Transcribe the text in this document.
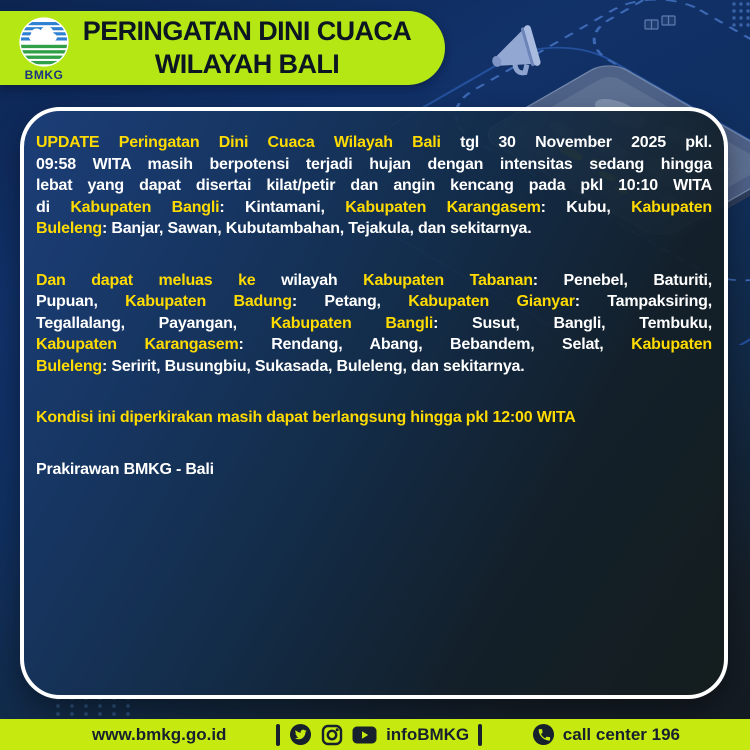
UPDATE Peringatan Dini Cuaca Wilayah Bali tgl 30 November 2025 pkl.
09:58 WITA masih berpotensi terjadi hujan dengan intensitas sedang hingga
lebat yang dapat disertai kilat/petir dan angin kencang pada pkl 10:10 WITA
di Kabupaten Bangli: Kintamani, Kabupaten Karangasem: Kubu, Kabupaten
Buleleng: Banjar, Sawan, Kubutambahan, Tejakula, dan sekitarnya.
Dan dapat meluas ke wilayah Kabupaten Tabanan: Penebel, Baturiti,
Pupuan, Kabupaten Badung: Petang, Kabupaten Gianyar: Tampaksiring,
Tegallalang, Payangan, Kabupaten Bangli: Susut, Bangli, Tembuku,
Kabupaten Karangasem: Rendang, Abang, Bebandem, Selat, Kabupaten
Buleleng: Seririt, Busungbiu, Sukasada, Buleleng, dan sekitarnya.
Kondisi ini diperkirakan masih dapat berlangsung hingga pkl 12:00 WITA
Prakirawan BMKG - Bali
BMKG
PERINGATAN DINI CUACA
WILAYAH BALI
www.bmkg.go.id	infoBMKG	call center 196
